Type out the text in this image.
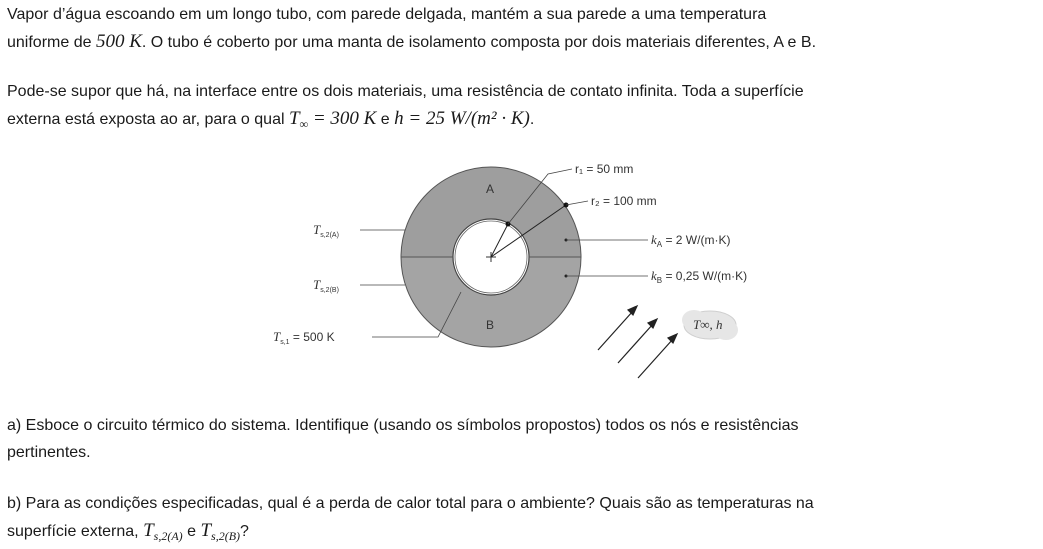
Vapor d’água escoando em um longo tubo, com parede delgada, mantém a sua parede a uma temperatura

uniforme de 500 K. O tubo é coberto por uma manta de isolamento composta por dois materiais diferentes, A e B.

Pode-se supor que há, na interface entre os dois materiais, uma resistência de contato infinita. Toda a superfície

externa está exposta ao ar, para o qual $T_\infty = 300$ K e h = 25 W/(m² · K).

r₁ = 50 mm
r₂ = 100 mm
A
B
$k_A = 2$ W/(m·K)
$k_B = 0,25$ W/(m·K)
$T_{s,2(A)}$
$T_{s,2(B)}$
$T_{s,1} = 500$ K
T∞, h

a) Esboce o circuito térmico do sistema. Identifique (usando os símbolos propostos) todos os nós e resistências

pertinentes.

b) Para as condições especificadas, qual é a perda de calor total para o ambiente? Quais são as temperaturas na

superfície externa, $T_{s,2(A)}$ e $T_{s,2(B)}$?
